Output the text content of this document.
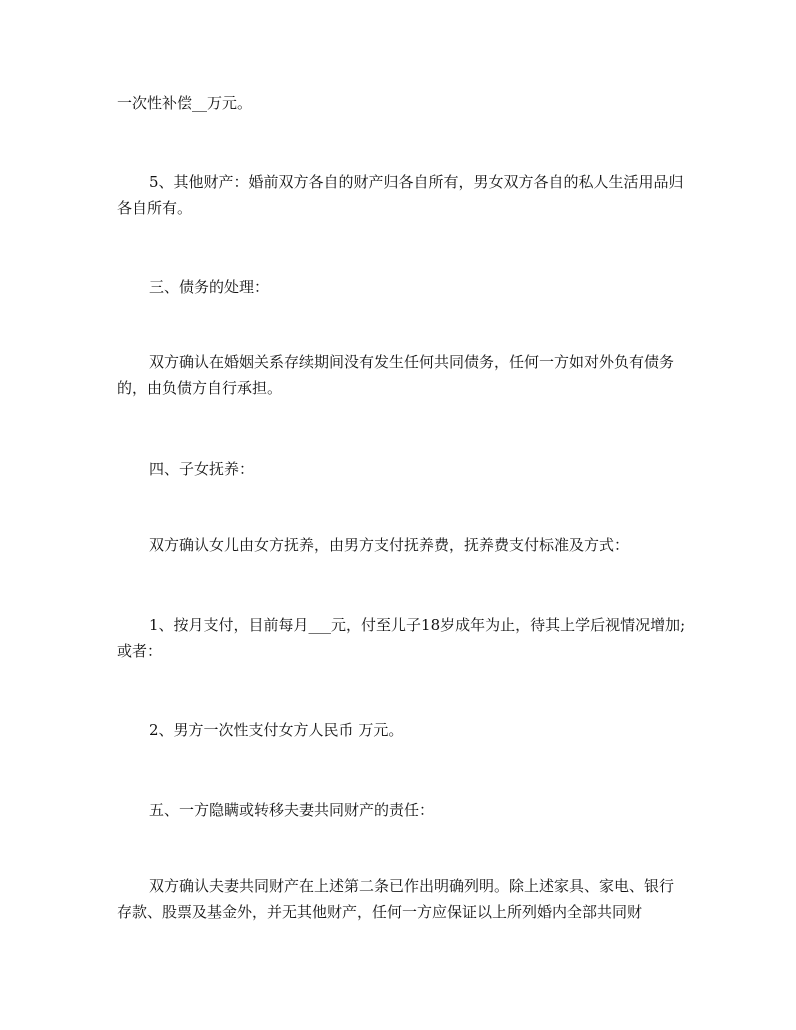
一次性补偿__万元。

5、其他财产：婚前双方各自的财产归各自所有，男女双方各自的私人生活用品归各自所有。

三、债务的处理：

双方确认在婚姻关系存续期间没有发生任何共同债务，任何一方如对外负有债务的，由负债方自行承担。

四、子女抚养：

双方确认女儿由女方抚养，由男方支付抚养费，抚养费支付标准及方式：

1、按月支付，目前每月___元，付至儿子18岁成年为止，待其上学后视情况增加;或者：

2、男方一次性支付女方人民币 万元。

五、一方隐瞒或转移夫妻共同财产的责任：

双方确认夫妻共同财产在上述第二条已作出明确列明。除上述家具、家电、银行存款、股票及基金外，并无其他财产，任何一方应保证以上所列婚内全部共同财
